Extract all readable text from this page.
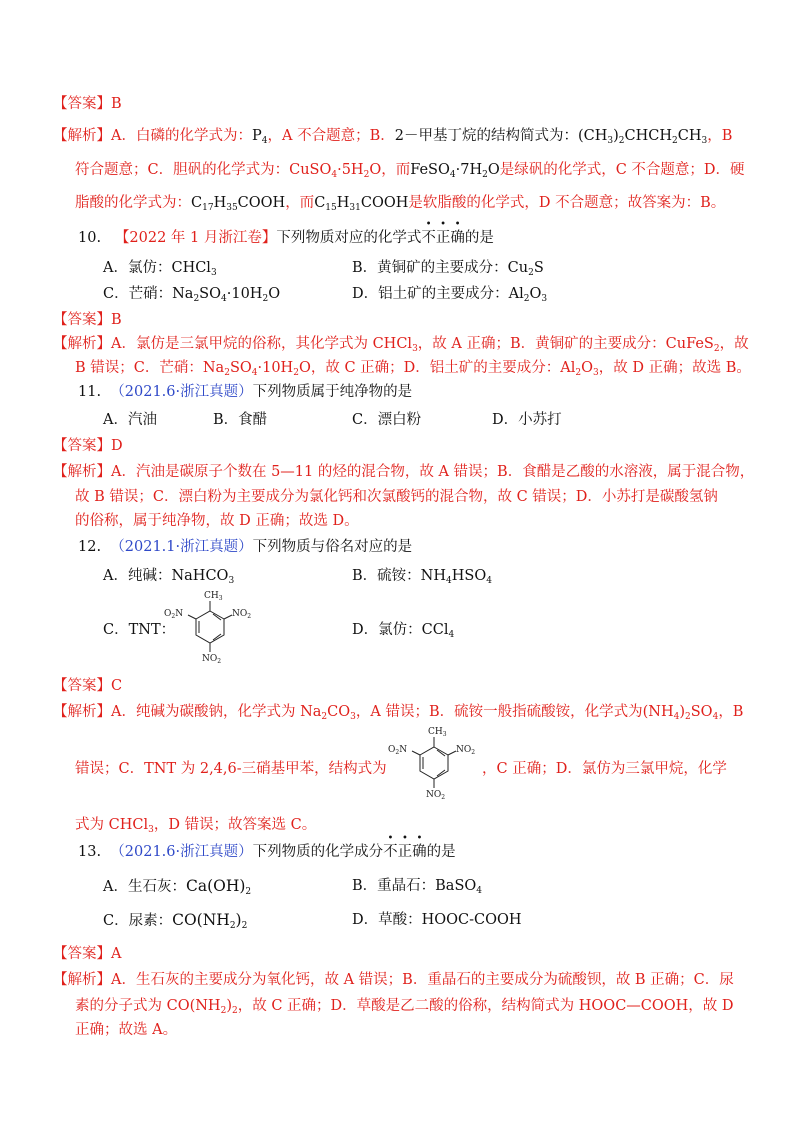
【答案】B
【解析】A．白磷的化学式为：$P_4$，A 不合题意；B．2－甲基丁烷的结构简式为：$(CH_3)_2CHCH_2CH_3$，B
符合题意；C．胆矾的化学式为：$CuSO_4\cdot 5H_2O$，而$FeSO_4\cdot 7H_2O$是绿矾的化学式，C 不合题意；D．硬
脂酸的化学式为：$C_{17}H_{35}COOH$，而$C_{15}H_{31}COOH$是软脂酸的化学式，D 不合题意；故答案为：B。
10. 【2022 年 1 月浙江卷】下列物质对应的化学式不正确的是
A．氯仿：CHCl$_3$	B．黄铜矿的主要成分：$Cu_2S$
C．芒硝：$Na_2SO_4\cdot 10H_2O$	D．铝土矿的主要成分：$Al_2O_3$
【答案】B
【解析】A．氯仿是三氯甲烷的俗称，其化学式为 CHCl$_3$，故 A 正确；B．黄铜矿的主要成分：CuFeS$_2$，故
B 错误；C．芒硝：$Na_2SO_4\cdot 10H_2O$，故 C 正确；D．铝土矿的主要成分：$Al_2O_3$，故 D 正确；故选 B。
11. （2021.6·浙江真题）下列物质属于纯净物的是
A．汽油	B．食醋	C．漂白粉	D．小苏打
【答案】D
【解析】A．汽油是碳原子个数在 5—11 的烃的混合物，故 A 错误；B．食醋是乙酸的水溶液，属于混合物，
故 B 错误；C．漂白粉为主要成分为氯化钙和次氯酸钙的混合物，故 C 错误；D．小苏打是碳酸氢钠
的俗称，属于纯净物，故 D 正确；故选 D。
12. （2021.1·浙江真题）下列物质与俗名对应的是
A．纯碱：NaHCO$_3$	B．硫铵：$NH_4HSO_4$
C．TNT：	D．氯仿：CCl$_4$
$CH_3$
$NO_2$
$O_2N$
$NO_2$
【答案】C
【解析】A．纯碱为碳酸钠，化学式为 $Na_2CO_3$，A 错误；B．硫铵一般指硫酸铵，化学式为$(NH_4)_2SO_4$，B
错误；C．TNT 为 2,4,6-三硝基甲苯，结构式为
$CH_3$
$NO_2$
$O_2N$
$NO_2$
，C 正确；D．氯仿为三氯甲烷，化学
式为 CHCl$_3$，D 错误；故答案选 C。
13. （2021.6·浙江真题）下列物质的化学成分不正确的是
A．生石灰：$Ca(OH)_2$	B．重晶石：BaSO$_4$
C．尿素：$CO(NH_2)_2$	D．草酸：HOOC-COOH
【答案】A
【解析】A．生石灰的主要成分为氧化钙，故 A 错误；B．重晶石的主要成分为硫酸钡，故 B 正确；C．尿
素的分子式为 $CO(NH_2)_2$，故 C 正确；D．草酸是乙二酸的俗称，结构简式为 HOOC—COOH，故 D
正确；故选 A。
